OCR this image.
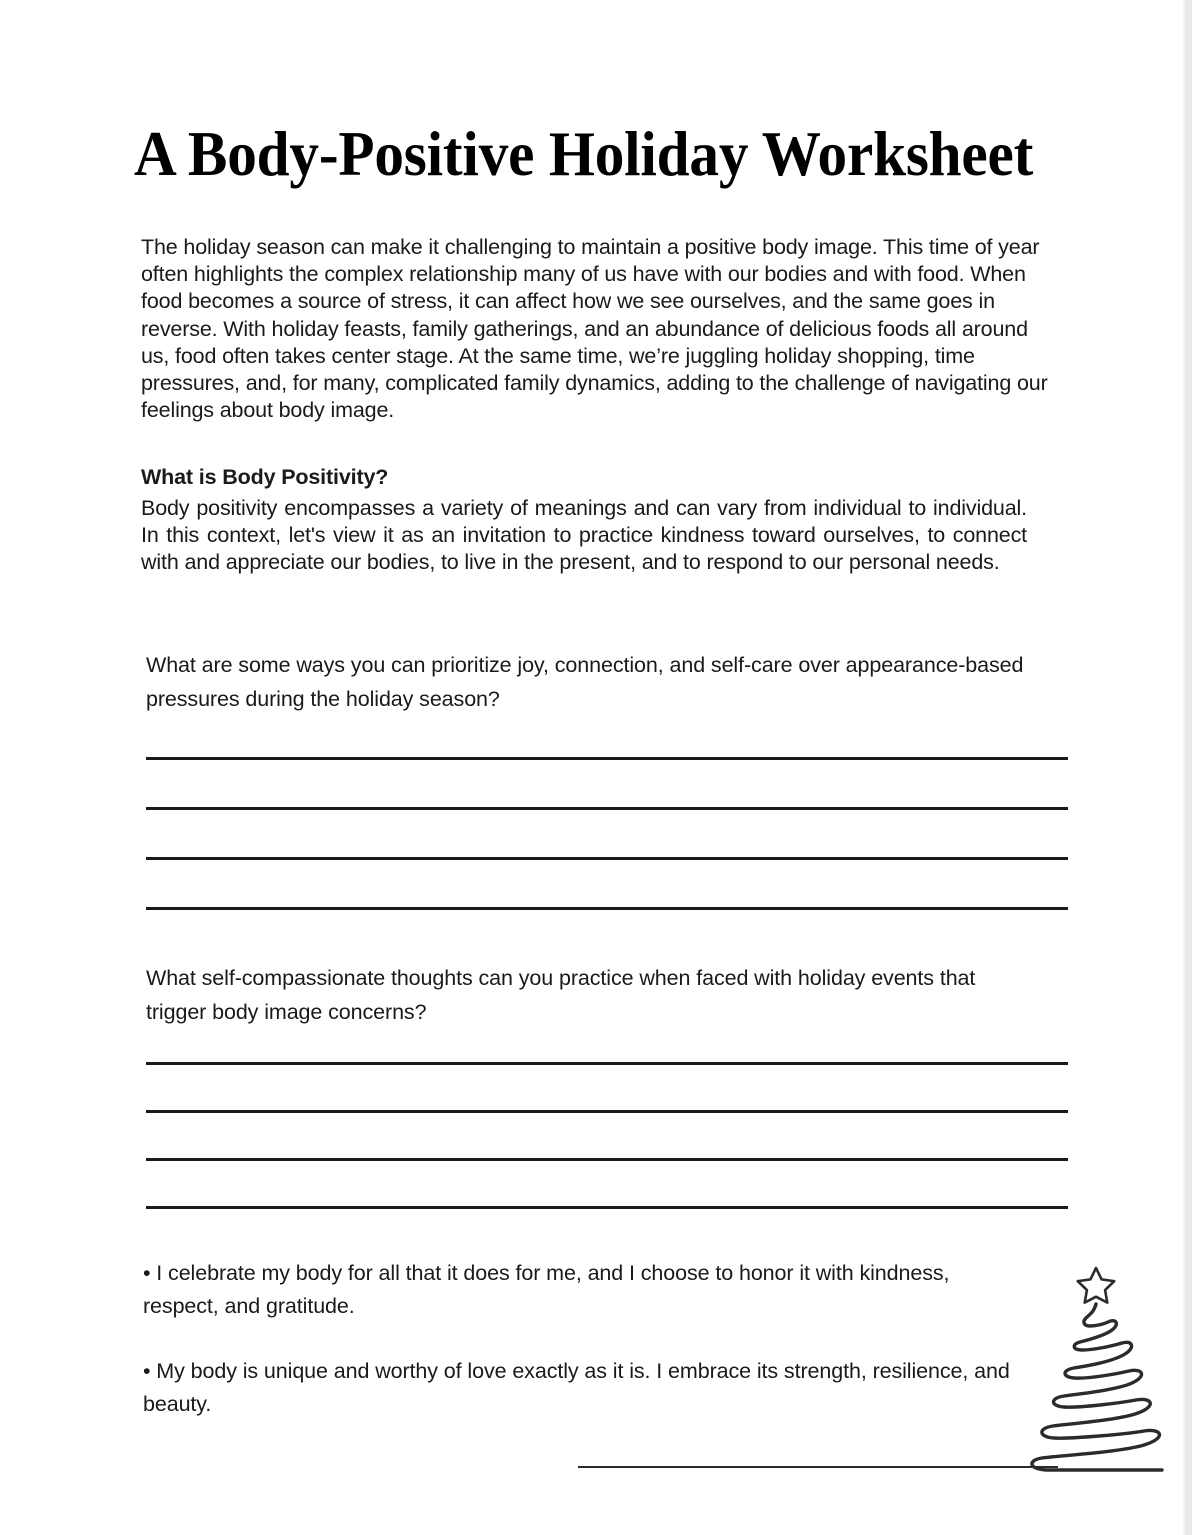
A Body-Positive Holiday Worksheet

The holiday season can make it challenging to maintain a positive body image. This time of year often highlights the complex relationship many of us have with our bodies and with food. When food becomes a source of stress, it can affect how we see ourselves, and the same goes in reverse. With holiday feasts, family gatherings, and an abundance of delicious foods all around us, food often takes center stage. At the same time, we’re juggling holiday shopping, time pressures, and, for many, complicated family dynamics, adding to the challenge of navigating our feelings about body image.

What is Body Positivity?

Body positivity encompasses a variety of meanings and can vary from individual to individual. In this context, let's view it as an invitation to practice kindness toward ourselves, to connect with and appreciate our bodies, to live in the present, and to respond to our personal needs.

What are some ways you can prioritize joy, connection, and self-care over appearance-based pressures during the holiday season?

What self-compassionate thoughts can you practice when faced with holiday events that trigger body image concerns?

• I celebrate my body for all that it does for me, and I choose to honor it with kindness, respect, and gratitude.

• My body is unique and worthy of love exactly as it is. I embrace its strength, resilience, and beauty.
